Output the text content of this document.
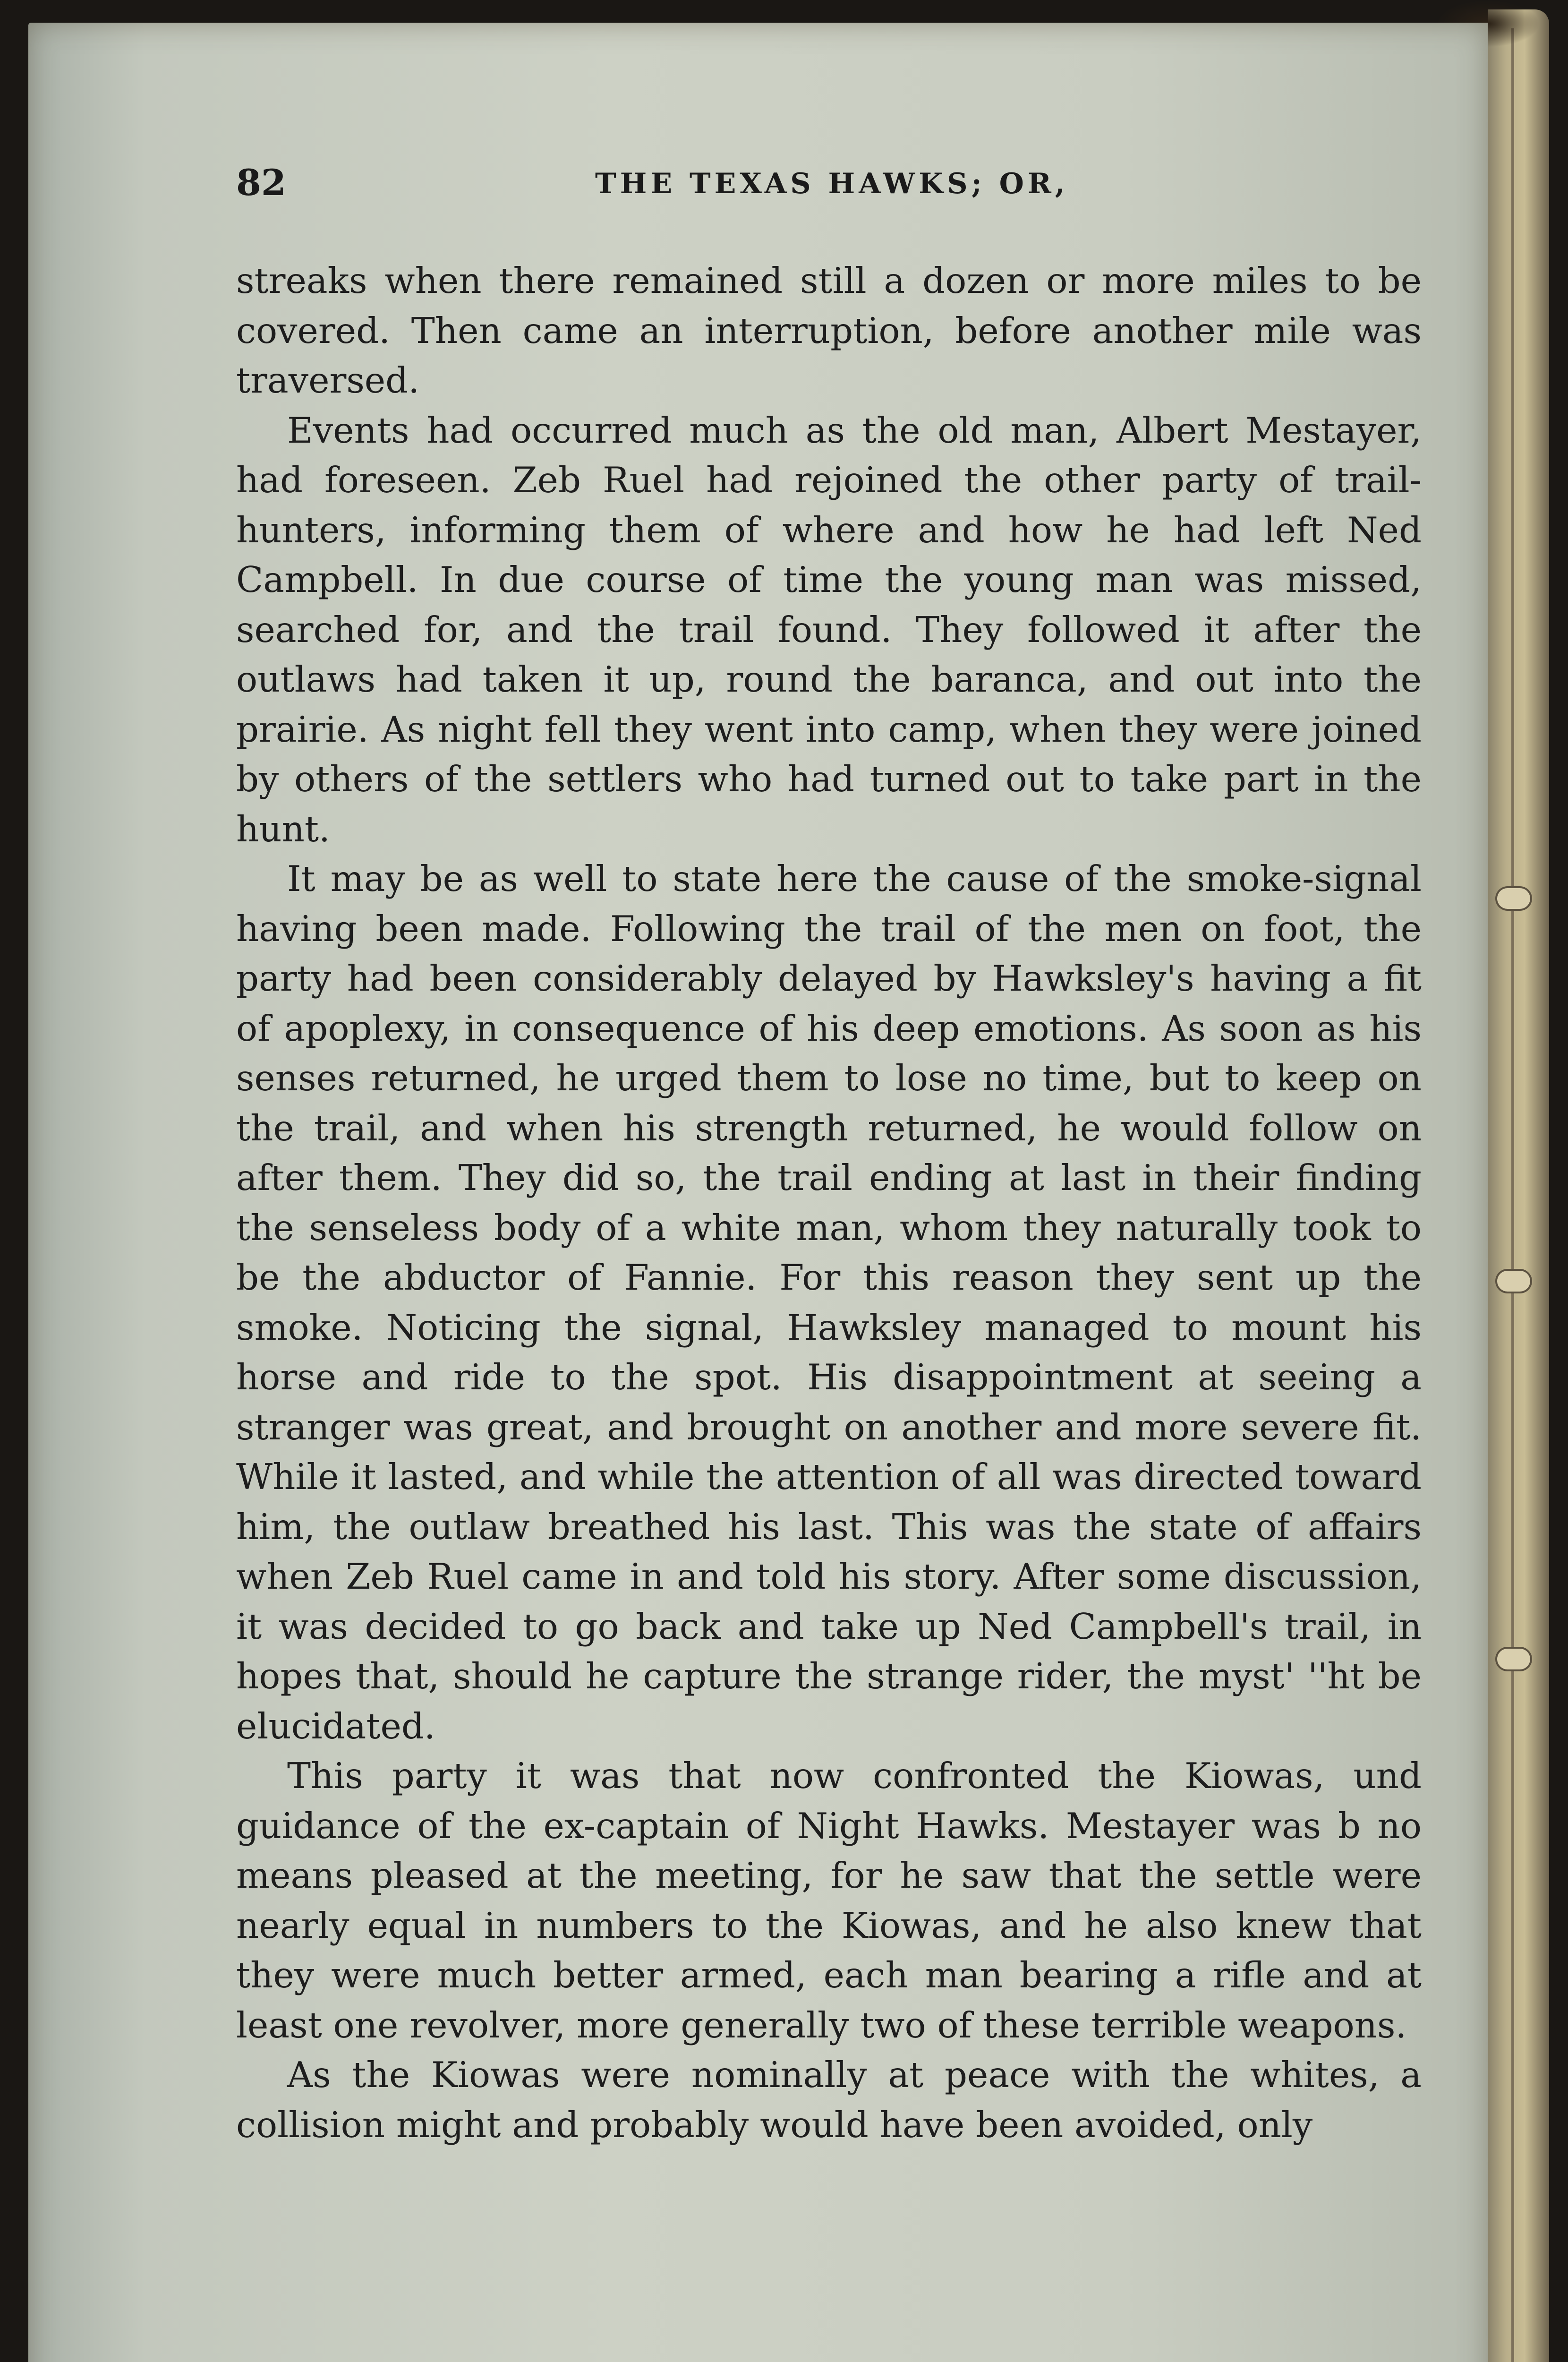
82	THE TEXAS HAWKS; OR,

streaks when there remained still a dozen or more miles to be covered. Then came an interruption, before another mile was traversed.

Events had occurred much as the old man, Albert Mestayer, had foreseen. Zeb Ruel had rejoined the other party of trail-hunters, informing them of where and how he had left Ned Campbell. In due course of time the young man was missed, searched for, and the trail found. They followed it after the outlaws had taken it up, round the baranca, and out into the prairie. As night fell they went into camp, when they were joined by others of the settlers who had turned out to take part in the hunt.

It may be as well to state here the cause of the smoke-signal having been made. Following the trail of the men on foot, the party had been considerably delayed by Hawksley's having a fit of apoplexy, in consequence of his deep emotions. As soon as his senses returned, he urged them to lose no time, but to keep on the trail, and when his strength returned, he would follow on after them. They did so, the trail ending at last in their finding the senseless body of a white man, whom they naturally took to be the abductor of Fannie. For this reason they sent up the smoke. Noticing the signal, Hawksley managed to mount his horse and ride to the spot. His disappointment at seeing a stranger was great, and brought on another and more severe fit. While it lasted, and while the attention of all was directed toward him, the outlaw breathed his last. This was the state of affairs when Zeb Ruel came in and told his story. After some discussion, it was decided to go back and take up Ned Campbell's trail, in hopes that, should he capture the strange rider, the myst' ''ht be elucidated.

This party it was that now confronted the Kiowas, und guidance of the ex-captain of Night Hawks. Mestayer was b no means pleased at the meeting, for he saw that the settle were nearly equal in numbers to the Kiowas, and he also knew that they were much better armed, each man bearing a rifle and at least one revolver, more generally two of these terrible weapons.

As the Kiowas were nominally at peace with the whites, a collision might and probably would have been avoided, only
